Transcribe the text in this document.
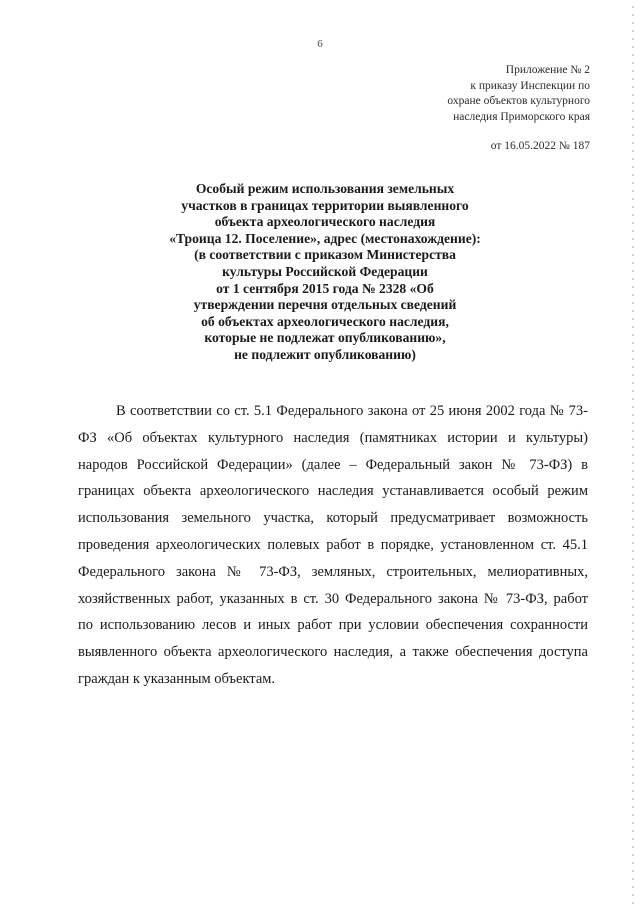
6
Приложение № 2
к приказу Инспекции по
охране объектов культурного
наследия Приморского края
от 16.05.2022 № 187
Особый режим использования земельных
участков в границах территории выявленного
объекта археологического наследия
«Троица 12. Поселение», адрес (местонахождение):
(в соответствии с приказом Министерства
культуры Российской Федерации
от 1 сентября 2015 года № 2328 «Об
утверждении перечня отдельных сведений
об объектах археологического наследия,
которые не подлежат опубликованию»,
не подлежит опубликованию)
В соответствии со ст. 5.1 Федерального закона от 25 июня 2002 года № 73-
ФЗ «Об объектах культурного наследия (памятниках истории и культуры)
народов Российской Федерации» (далее – Федеральный закон № 73-ФЗ) в
границах объекта археологического наследия устанавливается особый режим
использования земельного участка, который предусматривает возможность
проведения археологических полевых работ в порядке, установленном ст. 45.1
Федерального закона № 73-ФЗ, земляных, строительных, мелиоративных,
хозяйственных работ, указанных в ст. 30 Федерального закона № 73-ФЗ, работ
по использованию лесов и иных работ при условии обеспечения сохранности
выявленного объекта археологического наследия, а также обеспечения доступа
граждан к указанным объектам.
